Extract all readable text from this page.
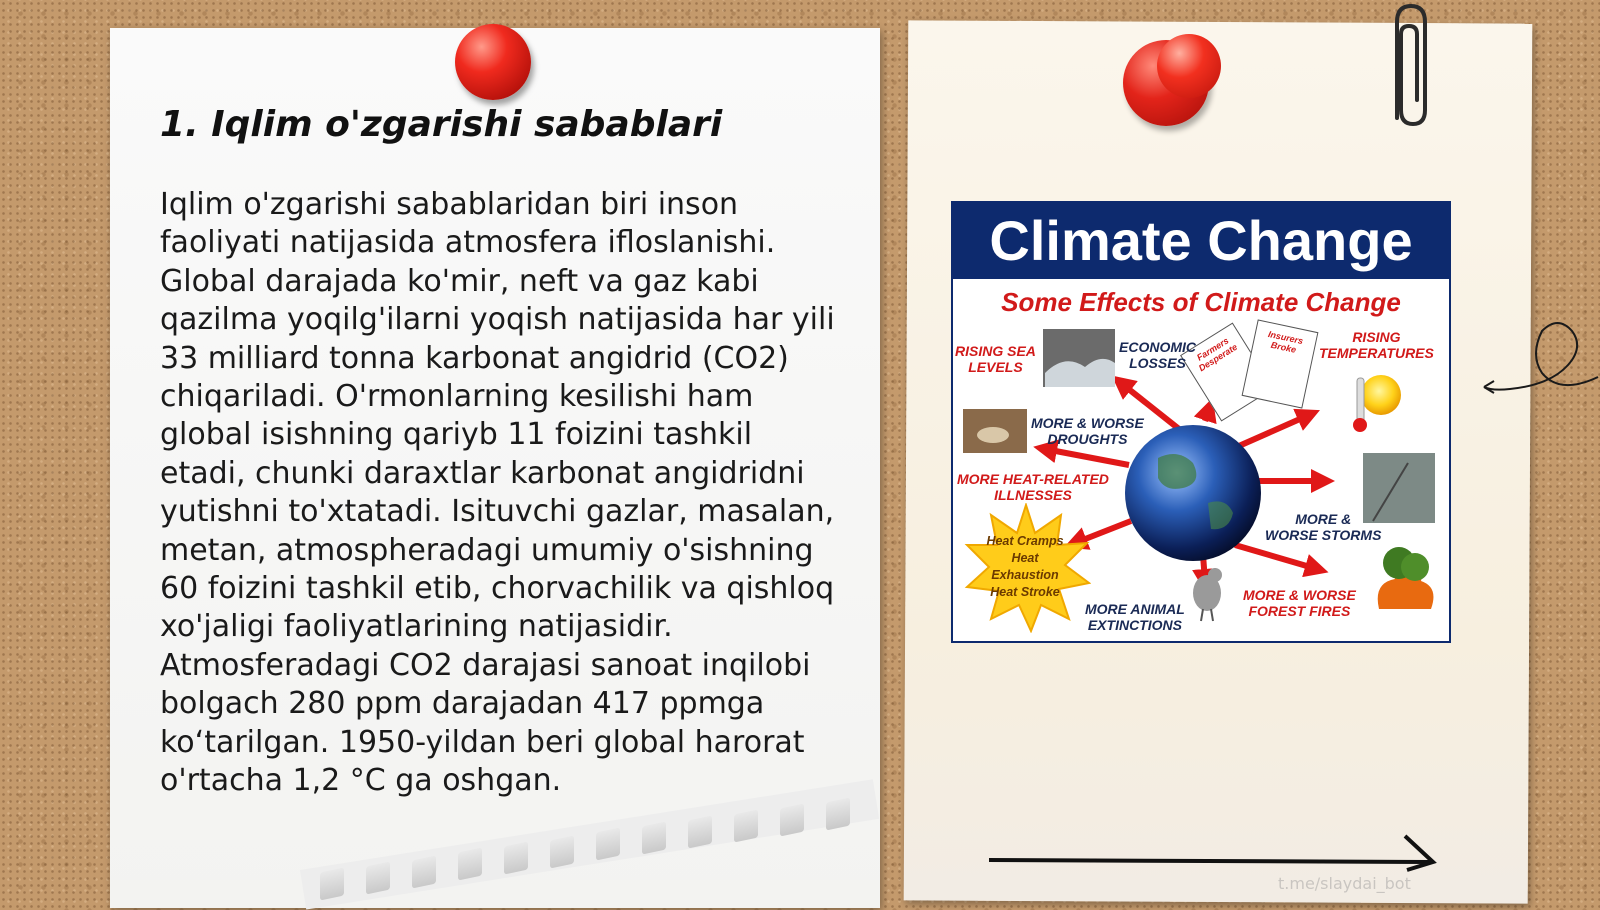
1. Iqlim o'zgarishi sabablari

Iqlim o'zgarishi sabablaridan biri inson faoliyati natijasida atmosfera ifloslanishi. Global darajada ko'mir, neft va gaz kabi qazilma yoqilg'ilarni yoqish natijasida har yili 33 milliard tonna karbonat angidrid (CO2) chiqariladi. O'rmonlarning kesilishi ham global isishning qariyb 11 foizini tashkil etadi, chunki daraxtlar karbonat angidridni yutishni to'xtatadi. Isituvchi gazlar, masalan, metan, atmospheradagi umumiy o'sishning 60 foizini tashkil etib, chorvachilik va qishloq xo'jaligi faoliyatlarining natijasidir. Atmosferadagi CO2 darajasi sanoat inqilobi bolgach 280 ppm darajadan 417 ppmga ko‘tarilgan. 1950-yildan beri global harorat o'rtacha 1,2 °C ga oshgan.

Climate Change
Some Effects of Climate Change
Heat Cramps
Heat
Exhaustion
Heat Stroke
Farmers Desperate
Insurers Broke
RISING SEA
LEVELS
ECONOMIC
LOSSES
RISING
TEMPERATURES
MORE & WORSE
DROUGHTS
MORE HEAT-RELATED
ILLNESSES
MORE &
WORSE STORMS
MORE ANIMAL
EXTINCTIONS
MORE & WORSE
FOREST FIRES
t.me/slaydai_bot
